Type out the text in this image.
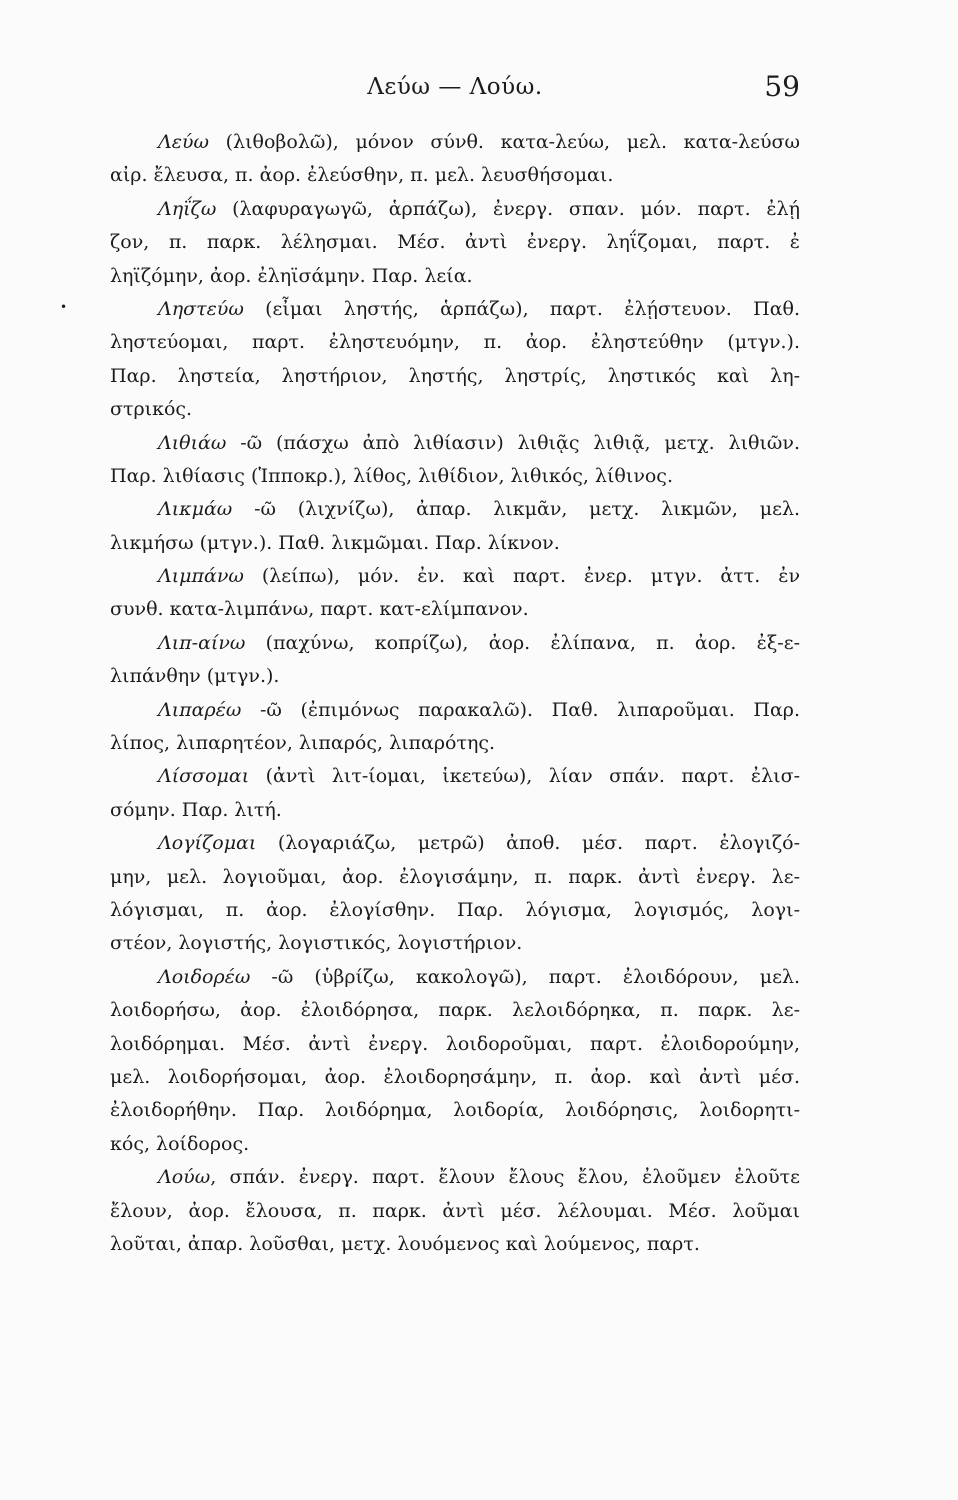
Λεύω — Λούω.	59
•
Λεύω (λιθοβολῶ), μόνον σύνθ. κατα-λεύω, μελ. κατα-λεύσω
αἰρ. ἔλευσα, π. ἀορ. ἐλεύσθην, π. μελ. λευσθήσομαι.
Ληΐζω (λαφυραγωγῶ, ἁρπάζω), ἐνεργ. σπαν. μόν. παρτ. ἐλῄ
ζον, π. παρκ. λέλησμαι. Μέσ. ἀντὶ ἐνεργ. ληΐζομαι, παρτ. ἐ
ληϊζόμην, ἀορ. ἐληϊσάμην. Παρ. λεία.
Ληστεύω (εἶμαι ληστής, ἁρπάζω), παρτ. ἐλῄστευον. Παθ.
ληστεύομαι, παρτ. ἐληστευόμην, π. ἀορ. ἐληστεύθην (μτγν.).
Παρ. ληστεία, ληστήριον, ληστής, ληστρίς, ληστικός καὶ λη-
στρικός.
Λιθιάω -ῶ (πάσχω ἀπὸ λιθίασιν) λιθιᾷς λιθιᾷ, μετχ. λιθιῶν.
Παρ. λιθίασις (Ἱπποκρ.), λίθος, λιθίδιον, λιθικός, λίθινος.
Λικμάω -ῶ (λιχνίζω), ἀπαρ. λικμᾶν, μετχ. λικμῶν, μελ.
λικμήσω (μτγν.). Παθ. λικμῶμαι. Παρ. λίκνον.
Λιμπάνω (λείπω), μόν. ἐν. καὶ παρτ. ἐνερ. μτγν. ἀττ. ἐν
συνθ. κατα-λιμπάνω, παρτ. κατ-ελίμπανον.
Λιπ-αίνω (παχύνω, κοπρίζω), ἀορ. ἐλίπανα, π. ἀορ. ἐξ-ε-
λιπάνθην (μτγν.).
Λιπαρέω -ῶ (ἐπιμόνως παρακαλῶ). Παθ. λιπαροῦμαι. Παρ.
λίπος, λιπαρητέον, λιπαρός, λιπαρότης.
Λίσσομαι (ἀντὶ λιτ-ίομαι, ἱκετεύω), λίαν σπάν. παρτ. ἐλισ-
σόμην. Παρ. λιτή.
Λογίζομαι (λογαριάζω, μετρῶ) ἀποθ. μέσ. παρτ. ἐλογιζό-
μην, μελ. λογιοῦμαι, ἀορ. ἐλογισάμην, π. παρκ. ἀντὶ ἐνεργ. λε-
λόγισμαι, π. ἀορ. ἐλογίσθην. Παρ. λόγισμα, λογισμός, λογι-
στέον, λογιστής, λογιστικός, λογιστήριον.
Λοιδορέω -ῶ (ὑβρίζω, κακολογῶ), παρτ. ἐλοιδόρουν, μελ.
λοιδορήσω, ἀορ. ἐλοιδόρησα, παρκ. λελοιδόρηκα, π. παρκ. λε-
λοιδόρημαι. Μέσ. ἀντὶ ἐνεργ. λοιδοροῦμαι, παρτ. ἐλοιδορούμην,
μελ. λοιδορήσομαι, ἀορ. ἐλοιδορησάμην, π. ἀορ. καὶ ἀντὶ μέσ.
ἐλοιδορήθην. Παρ. λοιδόρημα, λοιδορία, λοιδόρησις, λοιδορητι-
κός, λοίδορος.
Λούω, σπάν. ἐνεργ. παρτ. ἔλουν ἔλους ἔλου, ἐλοῦμεν ἐλοῦτε
ἔλουν, ἀορ. ἔλουσα, π. παρκ. ἀντὶ μέσ. λέλουμαι. Μέσ. λοῦμαι
λοῦται, ἀπαρ. λοῦσθαι, μετχ. λουόμενος καὶ λούμενος, παρτ.
